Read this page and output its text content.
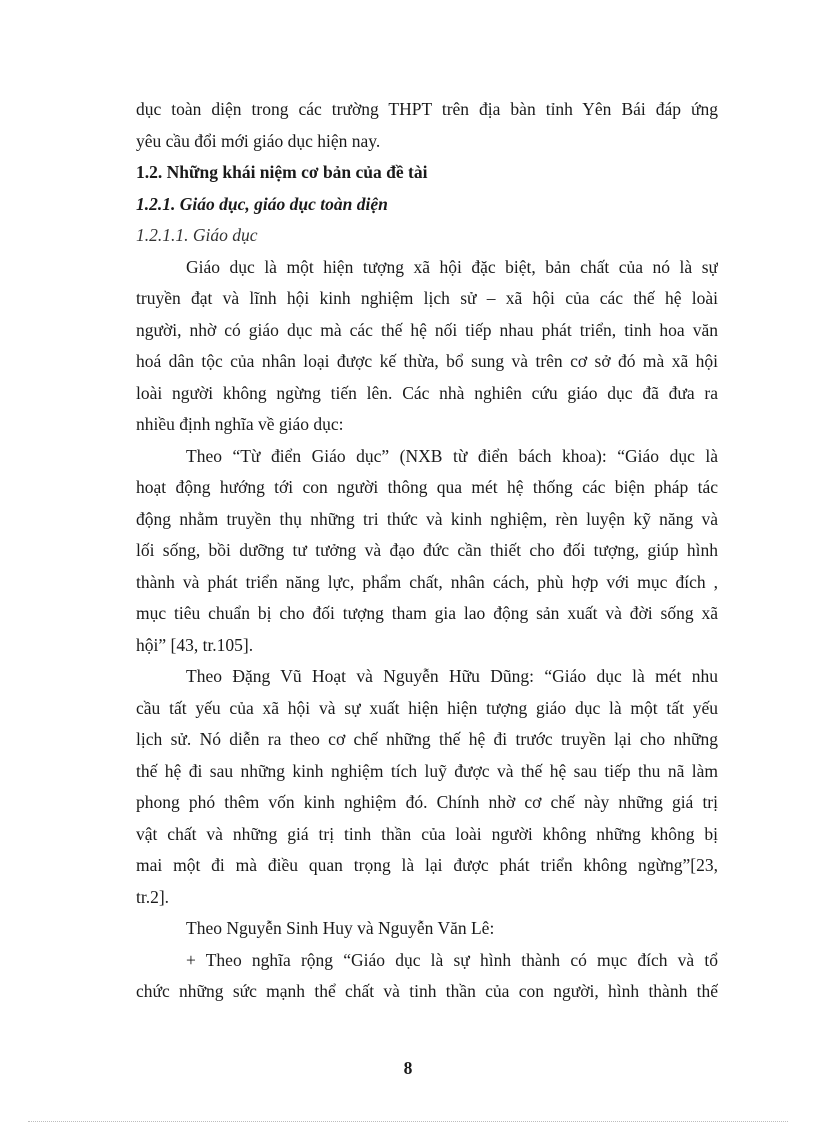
dục toàn diện trong các trường THPT trên địa bàn tỉnh Yên Bái đáp ứng
yêu cầu đổi mới giáo dục hiện nay.
1.2. Những khái niệm cơ bản của đề tài
1.2.1. Giáo dục, giáo dục toàn diện
1.2.1.1. Giáo dục
Giáo dục là một hiện tượng xã hội đặc biệt, bản chất của nó là sự
truyền đạt và lĩnh hội kinh nghiệm lịch sử – xã hội của các thế hệ loài
người, nhờ có giáo dục mà các thế hệ nối tiếp nhau phát triển, tinh hoa văn
hoá dân tộc của nhân loại được kế thừa, bổ sung và trên cơ sở đó mà xã hội
loài người không ngừng tiến lên. Các nhà nghiên cứu giáo dục đã đưa ra
nhiều định nghĩa về giáo dục:
Theo “Từ điển Giáo dục” (NXB từ điển bách khoa): “Giáo dục là
hoạt động hướng tới con người thông qua mét hệ thống các biện pháp tác
động nhằm truyền thụ những tri thức và kinh nghiệm, rèn luyện kỹ năng và
lối sống, bồi dưỡng tư tưởng và đạo đức cần thiết cho đối tượng, giúp hình
thành và phát triển năng lực, phẩm chất, nhân cách, phù hợp với mục đích ,
mục tiêu chuẩn bị cho đối tượng tham gia lao động sản xuất và đời sống xã
hội” [43, tr.105].
Theo Đặng Vũ Hoạt và Nguyễn Hữu Dũng: “Giáo dục là mét nhu
cầu tất yếu của xã hội và sự xuất hiện hiện tượng giáo dục là một tất yếu
lịch sử. Nó diễn ra theo cơ chế những thế hệ đi trước truyền lại cho những
thế hệ đi sau những kinh nghiệm tích luỹ được và thế hệ sau tiếp thu nã làm
phong phó thêm vốn kinh nghiệm đó. Chính nhờ cơ chế này những giá trị
vật chất và những giá trị tinh thần của loài người không những không bị
mai một đi mà điều quan trọng là lại được phát triển không ngừng”[23,
tr.2].
Theo Nguyễn Sinh Huy và Nguyễn Văn Lê:
+ Theo nghĩa rộng “Giáo dục là sự hình thành có mục đích và tổ
chức những sức mạnh thể chất và tinh thần của con người, hình thành thế
8
